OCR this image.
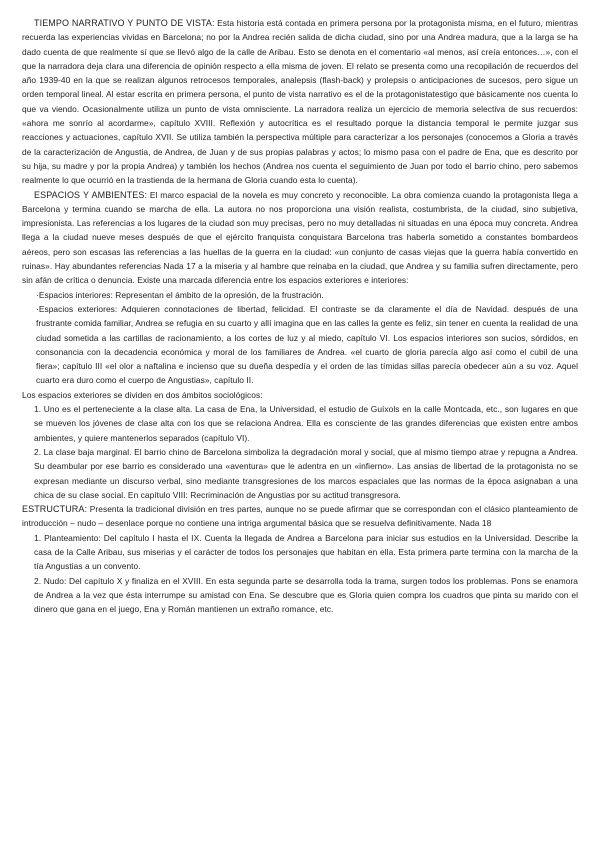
TIEMPO NARRATIVO Y PUNTO DE VISTA: Esta historia está contada en primera persona por la protagonista misma, en el futuro, mientras recuerda las experiencias vividas en Barcelona; no por la Andrea recién salida de dicha ciudad, sino por una Andrea madura, que a la larga se ha dado cuenta de que realmente sí que se llevó algo de la calle de Aribau. Esto se denota en el comentario «al menos, así creía entonces…», con el que la narradora deja clara una diferencia de opinión respecto a ella misma de joven. El relato se presenta como una recopilación de recuerdos del año 1939-40 en la que se realizan algunos retrocesos temporales, analepsis (flash-back) y prolepsis o anticipaciones de sucesos, pero sigue un orden temporal lineal. Al estar escrita en primera persona, el punto de vista narrativo es el de la protagonistatestigo que básicamente nos cuenta lo que va viendo. Ocasionalmente utiliza un punto de vista omnisciente. La narradora realiza un ejercicio de memoria selectiva de sus recuerdos: «ahora me sonrío al acordarme», capítulo XVIII. Reflexión y autocrítica es el resultado porque la distancia temporal le permite juzgar sus reacciones y actuaciones, capítulo XVII. Se utiliza también la perspectiva múltiple para caracterizar a los personajes (conocemos a Gloria a través de la caracterización de Angustia, de Andrea, de Juan y de sus propias palabras y actos; lo mismo pasa con el padre de Ena, que es descrito por su hija, su madre y por la propia Andrea) y también los hechos (Andrea nos cuenta el seguimiento de Juan por todo el barrio chino, pero sabemos realmente lo que ocurrió en la trastienda de la hermana de Gloria cuando esta lo cuenta).

ESPACIOS Y AMBIENTES: El marco espacial de la novela es muy concreto y reconocible. La obra comienza cuando la protagonista llega a Barcelona y termina cuando se marcha de ella. La autora no nos proporciona una visión realista, costumbrista, de la ciudad, sino subjetiva, impresionista. Las referencias a los lugares de la ciudad son muy precisas, pero no muy detalladas ni situadas en una época muy concreta. Andrea llega a la ciudad nueve meses después de que el ejército franquista conquistara Barcelona tras haberla sometido a constantes bombardeos aéreos, pero son escasas las referencias a las huellas de la guerra en la ciudad: «un conjunto de casas viejas que la guerra había convertido en ruinas». Hay abundantes referencias Nada 17 a la miseria y al hambre que reinaba en la ciudad, que Andrea y su familia sufren directamente, pero sin afán de crítica o denuncia. Existe una marcada diferencia entre los espacios exteriores e interiores:

·Espacios interiores: Representan el ámbito de la opresión, de la frustración.

·Espacios exteriores: Adquieren connotaciones de libertad, felicidad. El contraste se da claramente el día de Navidad. después de una frustrante comida familiar, Andrea se refugia en su cuarto y allí imagina que en las calles la gente es feliz, sin tener en cuenta la realidad de una ciudad sometida a las cartillas de racionamiento, a los cortes de luz y al miedo, capítulo VI. Los espacios interiores son sucios, sórdidos, en consonancia con la decadencia económica y moral de los familiares de Andrea. «el cuarto de gloria parecía algo así como el cubil de una fiera»; capítulo III «el olor a naftalina e incienso que su dueña despedía y el orden de las tímidas sillas parecía obedecer aún a su voz. Aquel cuarto era duro como el cuerpo de Angustias», capítulo II.

Los espacios exteriores se dividen en dos ámbitos sociológicos:

1. Uno es el perteneciente a la clase alta. La casa de Ena, la Universidad, el estudio de Guíxols en la calle Montcada, etc., son lugares en que se mueven los jóvenes de clase alta con los que se relaciona Andrea. Ella es consciente de las grandes diferencias que existen entre ambos ambientes, y quiere mantenerlos separados (capítulo VI).

2. La clase baja marginal. El barrio chino de Barcelona simboliza la degradación moral y social, que al mismo tiempo atrae y repugna a Andrea. Su deambular por ese barrio es considerado una «aventura» que le adentra en un «infierno». Las ansias de libertad de la protagonista no se expresan mediante un discurso verbal, sino mediante transgresiones de los marcos espaciales que las normas de la época asignaban a una chica de su clase social. En capítulo VIII: Recriminación de Angustias por su actitud transgresora.

ESTRUCTURA: Presenta la tradicional división en tres partes, aunque no se puede afirmar que se correspondan con el clásico planteamiento de introducción – nudo – desenlace porque no contiene una intriga argumental básica que se resuelva definitivamente. Nada 18

1. Planteamiento: Del capítulo I hasta el IX. Cuenta la llegada de Andrea a Barcelona para iniciar sus estudios en la Universidad. Describe la casa de la Calle Aribau, sus miserias y el carácter de todos los personajes que habitan en ella. Esta primera parte termina con la marcha de la tía Angustias a un convento.

2. Nudo: Del capítulo X y finaliza en el XVIII. En esta segunda parte se desarrolla toda la trama, surgen todos los problemas. Pons se enamora de Andrea a la vez que ésta interrumpe su amistad con Ena. Se descubre que es Gloria quien compra los cuadros que pinta su marido con el dinero que gana en el juego, Ena y Román mantienen un extraño romance, etc.
